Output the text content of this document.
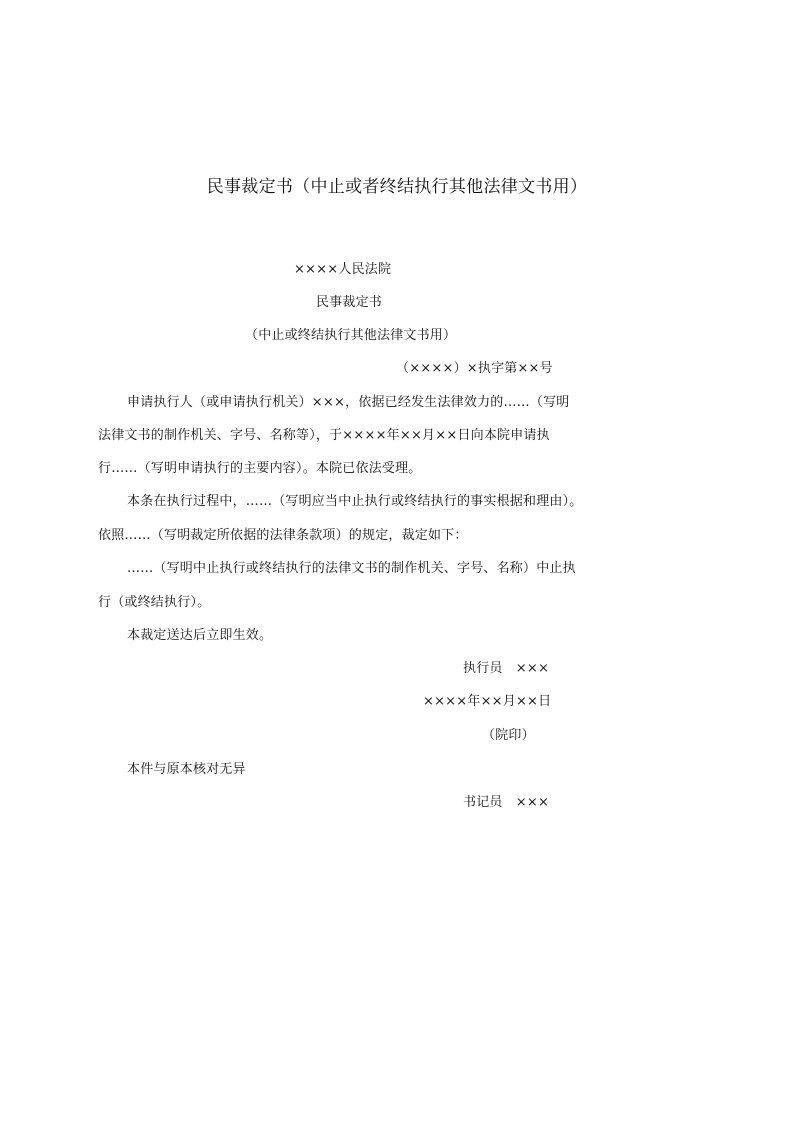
民事裁定书（中止或者终结执行其他法律文书用）
××××人民法院
民事裁定书
（中止或终结执行其他法律文书用）
（××××）×执字第××号
申请执行人（或申请执行机关）×××，依据已经发生法律效力的……（写明
法律文书的制作机关、字号、名称等），于××××年××月××日向本院申请执
行……（写明申请执行的主要内容）。本院已依法受理。
本条在执行过程中，……（写明应当中止执行或终结执行的事实根据和理由）。
依照……（写明裁定所依据的法律条款项）的规定，裁定如下：
……（写明中止执行或终结执行的法律文书的制作机关、字号、名称）中止执
行（或终结执行）。
本裁定送达后立即生效。
执行员　×××
××××年××月××日
（院印）
本件与原本核对无异
书记员　×××
